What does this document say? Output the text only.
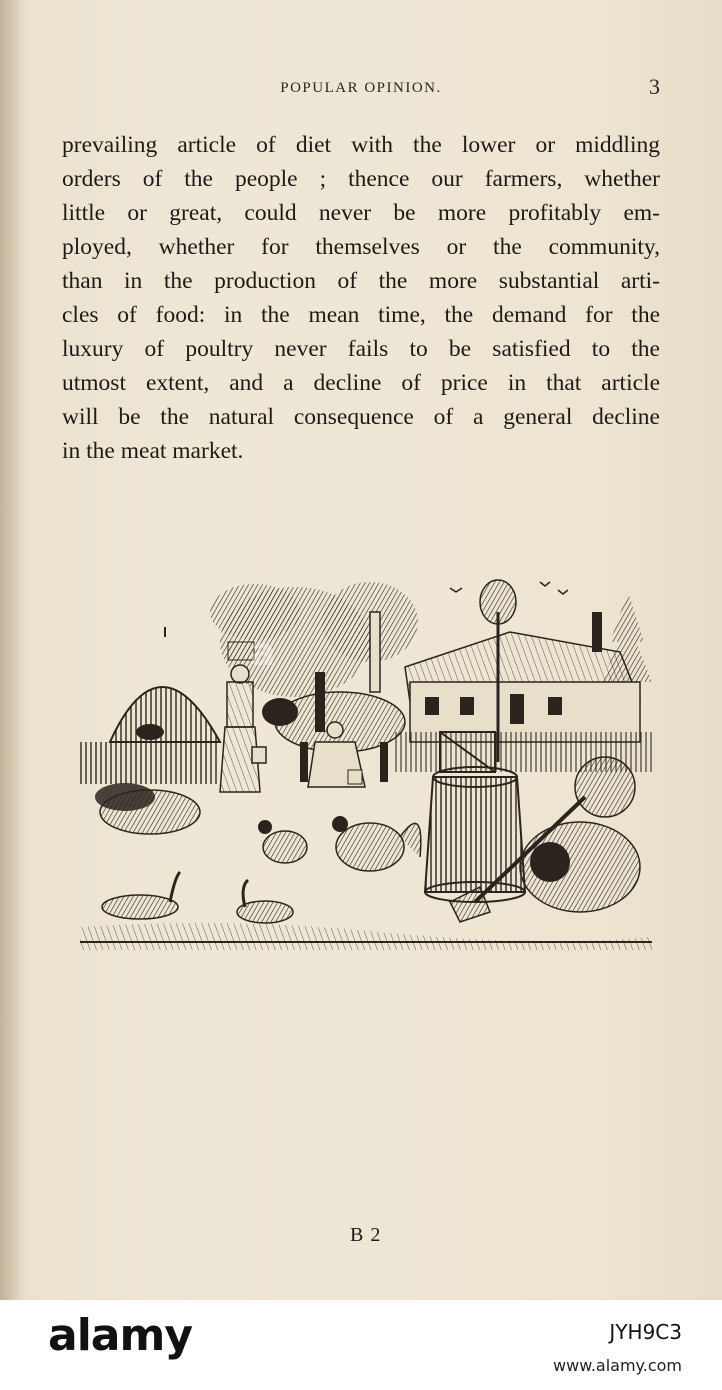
POPULAR OPINION.	3
prevailing article of diet with the lower or middling
orders of the people ; thence our farmers, whether
little or great, could never be more profitably em-
ployed, whether for themselves or the community,
than in the production of the more substantial arti-
cles of food: in the mean time, the demand for the
luxury of poultry never fails to be satisfied to the
utmost extent, and a decline of price in that article
will be the natural consequence of a general decline
in the meat market.
B 2
a
alamy	JYH9C3
www.alamy.com
